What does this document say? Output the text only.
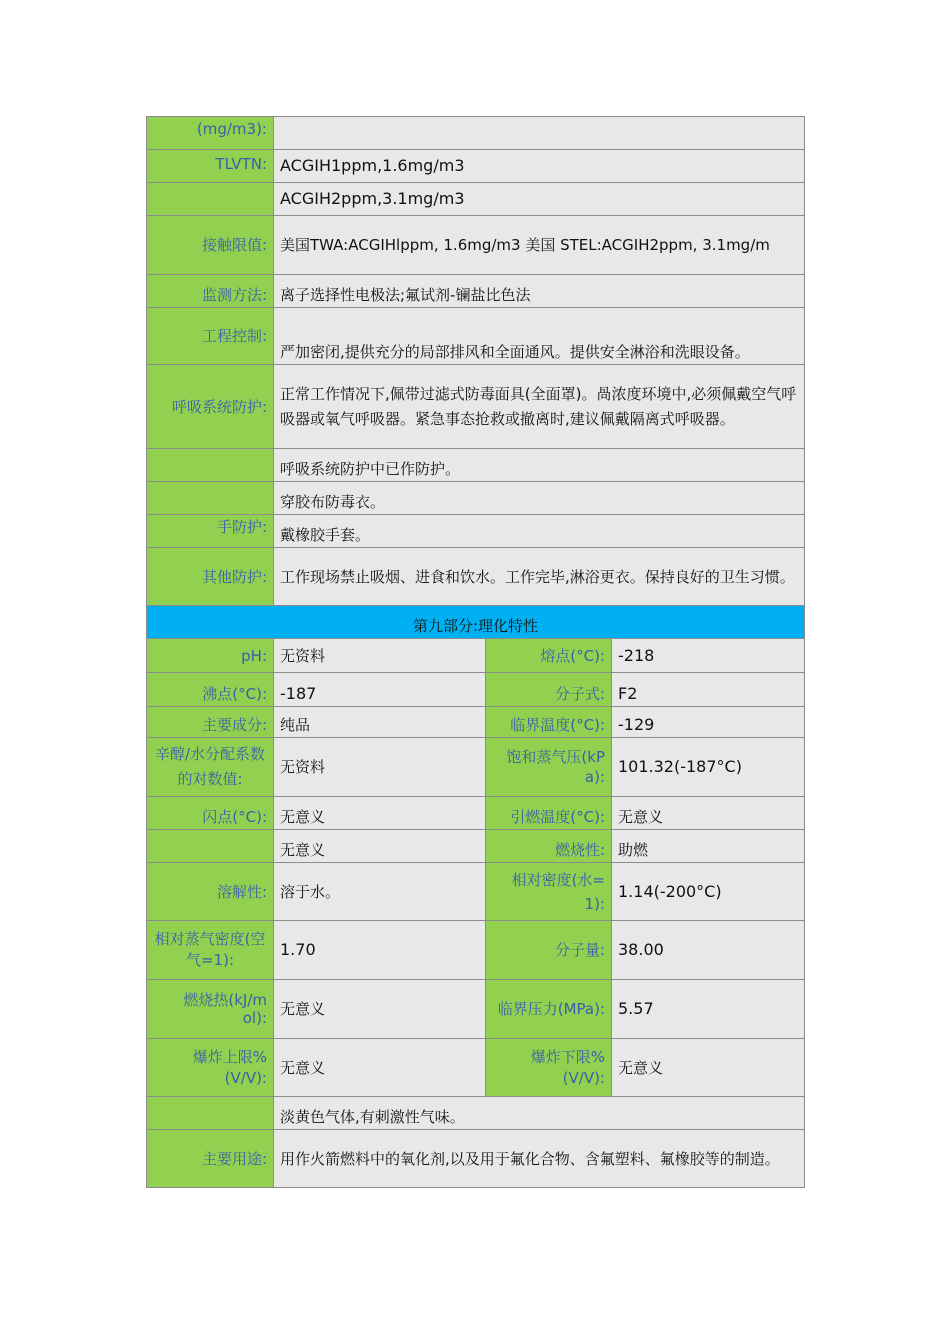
(mg/m3):			
TLVTN:	ACGIH1ppm,1.6mg/m3		
	ACGIH2ppm,3.1mg/m3		
接触限值:	美国TWA:ACGIHlppm, 1.6mg/m3 美国 STEL:ACGIH2ppm, 3.1mg/m		
监测方法:	离子选择性电极法;氟试剂-镧盐比色法		
工程控制:	严加密闭,提供充分的局部排风和全面通风。提供安全淋浴和洗眼设备。		
呼吸系统防护:	正常工作情况下,佩带过滤式防毒面具(全面罩)。咼浓度环境中,必须佩戴空气呼吸器或氧气呼吸器。紧急事态抢救或撤离时,建议佩戴隔离式呼吸器。		
	呼吸系统防护中已作防护。		
	穿胶布防毒衣。		
手防护:	戴橡胶手套。		
其他防护:	工作现场禁止吸烟、进食和饮水。工作完毕,淋浴更衣。保持良好的卫生习惯。		
第九部分:理化特性			
pH:	无资料	熔点(°C):	-218
沸点(°C):	-187	分子式:	F2
主要成分:	纯品	临界温度(°C):	-129
辛醇/水分配系数的对数值:	无资料	饱和蒸气压(kPa):	101.32(-187°C)
闪点(°C):	无意义	引燃温度(°C):	无意义
	无意义	燃烧性:	助燃
溶解性:	溶于水。	相对密度(水=1):	1.14(-200°C)
相对蒸气密度(空气=1):	1.70	分子量:	38.00
燃烧热(kJ/mol):	无意义	临界压力(MPa):	5.57
爆炸上限%(V/V):	无意义	爆炸下限%(V/V):	无意义
	淡黄色气体,有刺激性气味。		
主要用途:	用作火箭燃料中的氧化剂,以及用于氟化合物、含氟塑料、氟橡胶等的制造。		
